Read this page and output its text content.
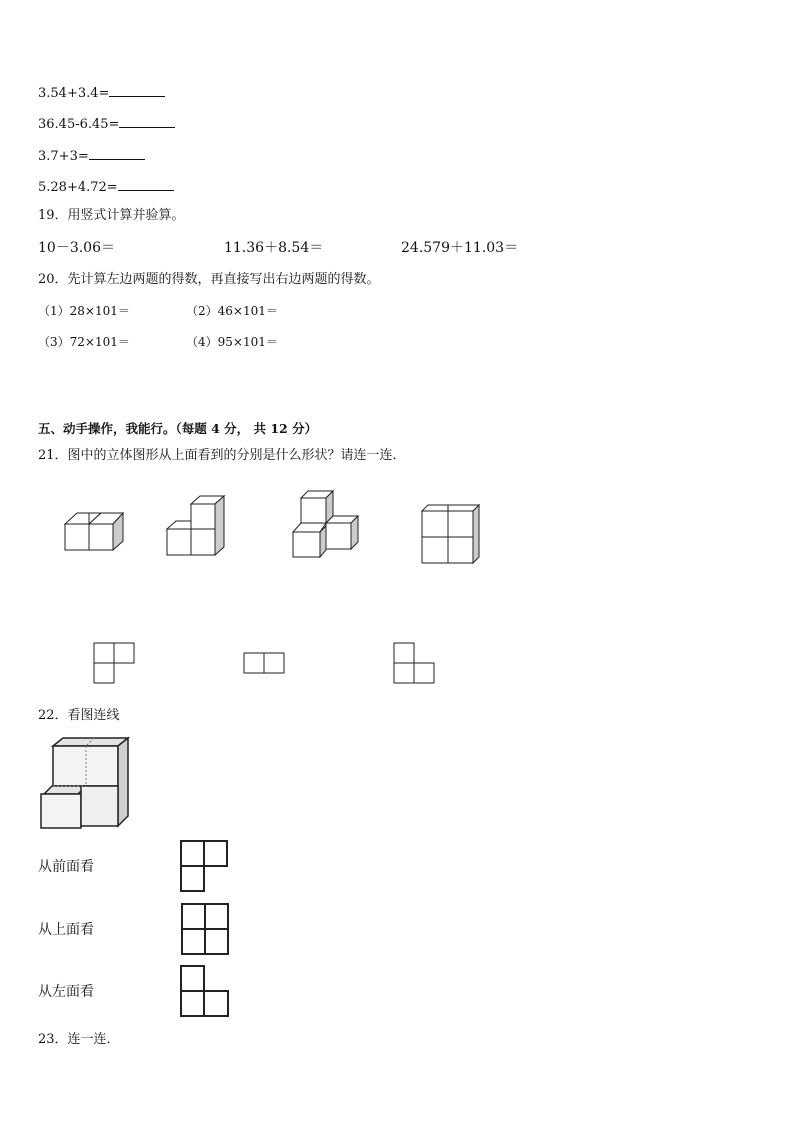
3.54+3.4=
36.45-6.45=
3.7+3=
5.28+4.72=
19．用竖式计算并验算。
10－3.06＝	11.36＋8.54＝	24.579＋11.03＝
20．先计算左边两题的得数，再直接写出右边两题的得数。
（1）28×101＝	（2）46×101＝
（3）72×101＝	（4）95×101＝
五、动手操作，我能行。（每题 4 分， 共 12 分）
21．图中的立体图形从上面看到的分别是什么形状？请连一连．
22．看图连线
从前面看
从上面看
从左面看
23．连一连．
